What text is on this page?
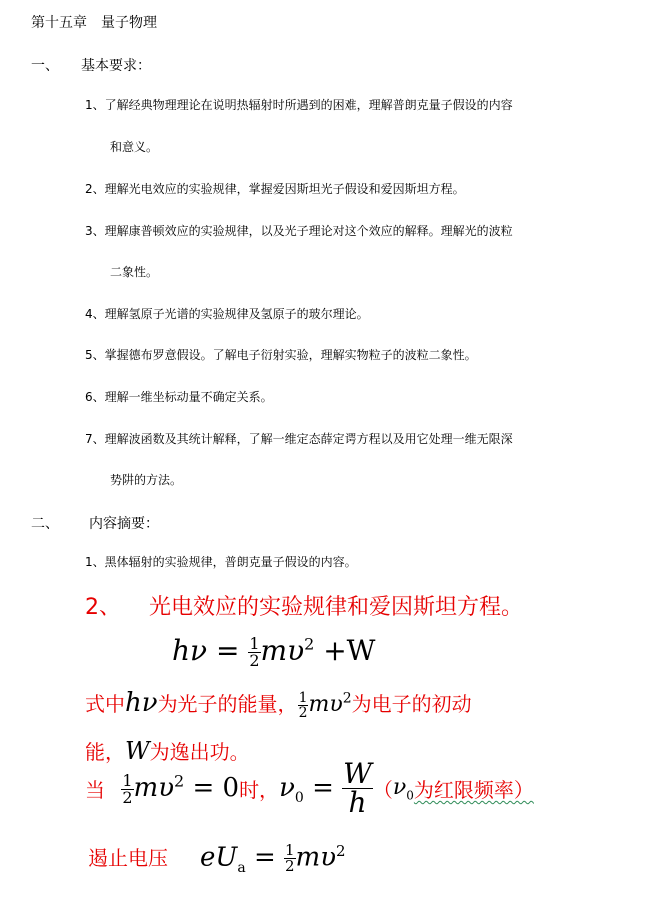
第十五章　量子物理
一、 基本要求：
1、了解经典物理理论在说明热辐射时所遇到的困难，理解普朗克量子假设的内容
和意义。
2、理解光电效应的实验规律，掌握爱因斯坦光子假设和爱因斯坦方程。
3、理解康普顿效应的实验规律，以及光子理论对这个效应的解释。理解光的波粒
二象性。
4、理解氢原子光谱的实验规律及氢原子的玻尔理论。
5、掌握德布罗意假设。了解电子衍射实验，理解实物粒子的波粒二象性。
6、理解一维坐标动量不确定关系。
7、理解波函数及其统计解释，了解一维定态薛定谔方程以及用它处理一维无限深
势阱的方法。
二、 内容摘要：
1、黑体辐射的实验规律，普朗克量子假设的内容。
2、 光电效应的实验规律和爱因斯坦方程。
$h\nu = \frac{1}{2} m\upsilon^2 +W$
式中hν为光子的能量， $\frac{1}{2} m\upsilon^2$为电子的初动
能，W为逸出功。
当 $\frac{1}{2} m\upsilon^2 = 0$时，$\nu_0 = \frac{W}{h} (\nu_0$为红限频率）
遏止电压 $eU_a = \frac{1}{2} m\upsilon^2$
